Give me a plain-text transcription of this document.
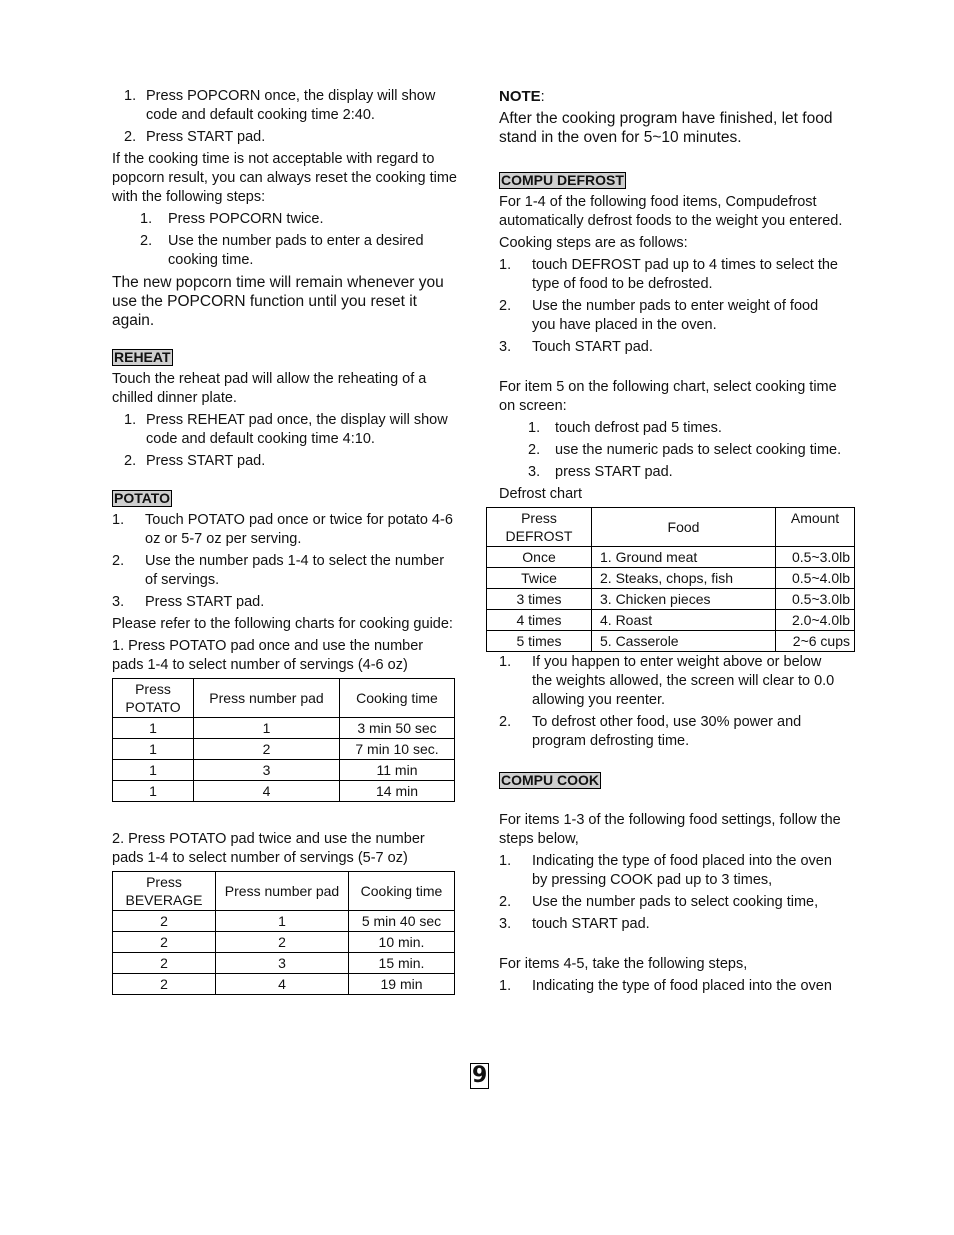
1. Press POPCORN once, the display will show code and default cooking time 2:40.
2. Press START pad.

If the cooking time is not acceptable with regard to popcorn result, you can always reset the cooking time with the following steps:

1. Press POPCORN twice.
2. Use the number pads to enter a desired cooking time.

The new popcorn time will remain whenever you use the POPCORN function until you reset it again.

REHEAT

Touch the reheat pad will allow the reheating of a chilled dinner plate.

1. Press REHEAT pad once, the display will show code and default cooking time 4:10.
2. Press START pad.
POTATO
1. Touch POTATO pad once or twice for potato 4-6 oz or 5-7 oz per serving.
2. Use the number pads 1-4 to select the number of servings.
3. Press START pad.

Please refer to the following charts for cooking guide:

1. Press POTATO pad once and use the number pads 1-4 to select number of servings (4-6 oz)

Press POTATO	Press number pad	Cooking time
1	1	3 min 50 sec
1	2	7 min 10 sec.
1	3	11 min
1	4	14 min

2. Press POTATO pad twice and use the number pads 1-4 to select number of servings (5-7 oz)

Press BEVERAGE	Press number pad	Cooking time
2	1	5 min 40 sec
2	2	10 min.
2	3	15 min.
2	4	19 min

NOTE:

After the cooking program have finished, let food stand in the oven for 5~10 minutes.

COMPU DEFROST

For 1-4 of the following food items, Compudefrost automatically defrost foods to the weight you entered.

Cooking steps are as follows:

1. touch DEFROST pad up to 4 times to select the type of food to be defrosted.
2. Use the number pads to enter weight of food you have placed in the oven.
3. Touch START pad.

For item 5 on the following chart, select cooking time on screen:

1. touch defrost pad 5 times.
2. use the numeric pads to select cooking time.
3. press START pad.

Defrost chart

Press DEFROST	Food	Amount
Once	1. Ground meat	0.5~3.0lb
Twice	2. Steaks, chops, fish	0.5~4.0lb
3 times	3. Chicken pieces	0.5~3.0lb
4 times	4. Roast	2.0~4.0lb
5 times	5. Casserole	2~6 cups
1. If you happen to enter weight above or below the weights allowed, the screen will clear to 0.0 allowing you reenter.
2. To defrost other food, use 30% power and program defrosting time.
COMPU COOK

For items 1-3 of the following food settings, follow the steps below,

1. Indicating the type of food placed into the oven by pressing COOK pad up to 3 times,
2. Use the number pads to select cooking time,
3. touch START pad.

For items 4-5, take the following steps,

1. Indicating the type of food placed into the oven
9
